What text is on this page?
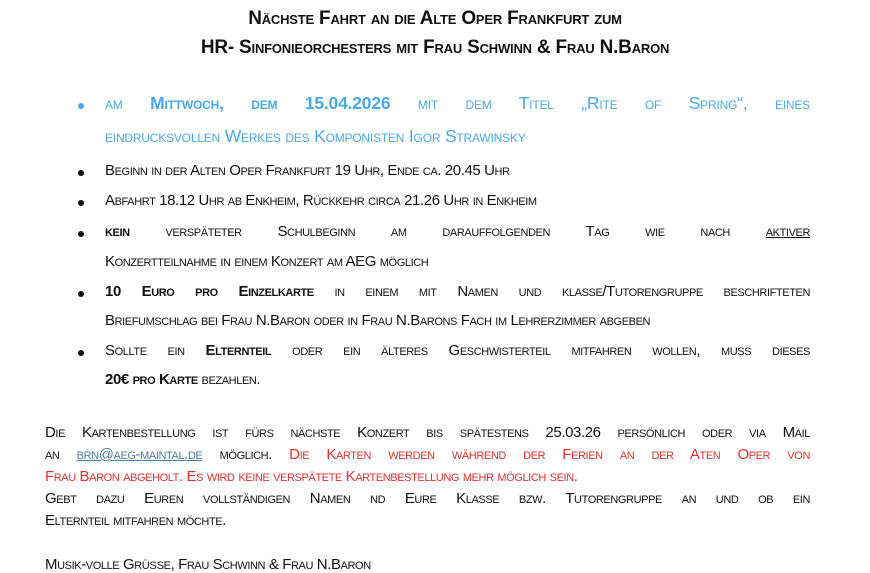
Nächste Fahrt an die Alte Oper Frankfurt zum
HR- Sinfonieorchesters mit Frau Schwinn & Frau N.Baron
am Mittwoch, dem 15.04.2026 mit dem Titel „Rite of Spring“, eines
eindrucksvollen Werkes des Komponisten Igor Strawinsky
Beginn in der Alten Oper Frankfurt 19 Uhr, Ende ca. 20.45 Uhr
Abfahrt 18.12 Uhr ab Enkheim, Rückkehr circa 21.26 Uhr in Enkheim
kein verspäteter Schulbeginn am darauffolgenden Tag wie nach aktiver
Konzertteilnahme in einem Konzert am AEG möglich
10 Euro pro Einzelkarte in einem mit Namen und klasse/Tutorengruppe beschrifteten
Briefumschlag bei Frau N.Baron oder in Frau N.Barons Fach im Lehrerzimmer abgeben
Sollte ein Elternteil oder ein älteres Geschwisterteil mitfahren wollen, muss dieses
20€ pro Karte bezahlen.
Die Kartenbestellung ist fürs nächste Konzert bis spätestens 25.03.26 persönlich oder via Mail
an brn@aeg-maintal.de möglich. Die Karten werden während der Ferien an der Aten Oper von
Frau Baron abgeholt. Es wird keine verspätete Kartenbestellung mehr möglich sein.
Gebt dazu Euren vollständigen Namen nd Eure Klasse bzw. Tutorengruppe an und ob ein
Elternteil mitfahren möchte.
Musik-volle Grüße, Frau Schwinn & Frau N.Baron
